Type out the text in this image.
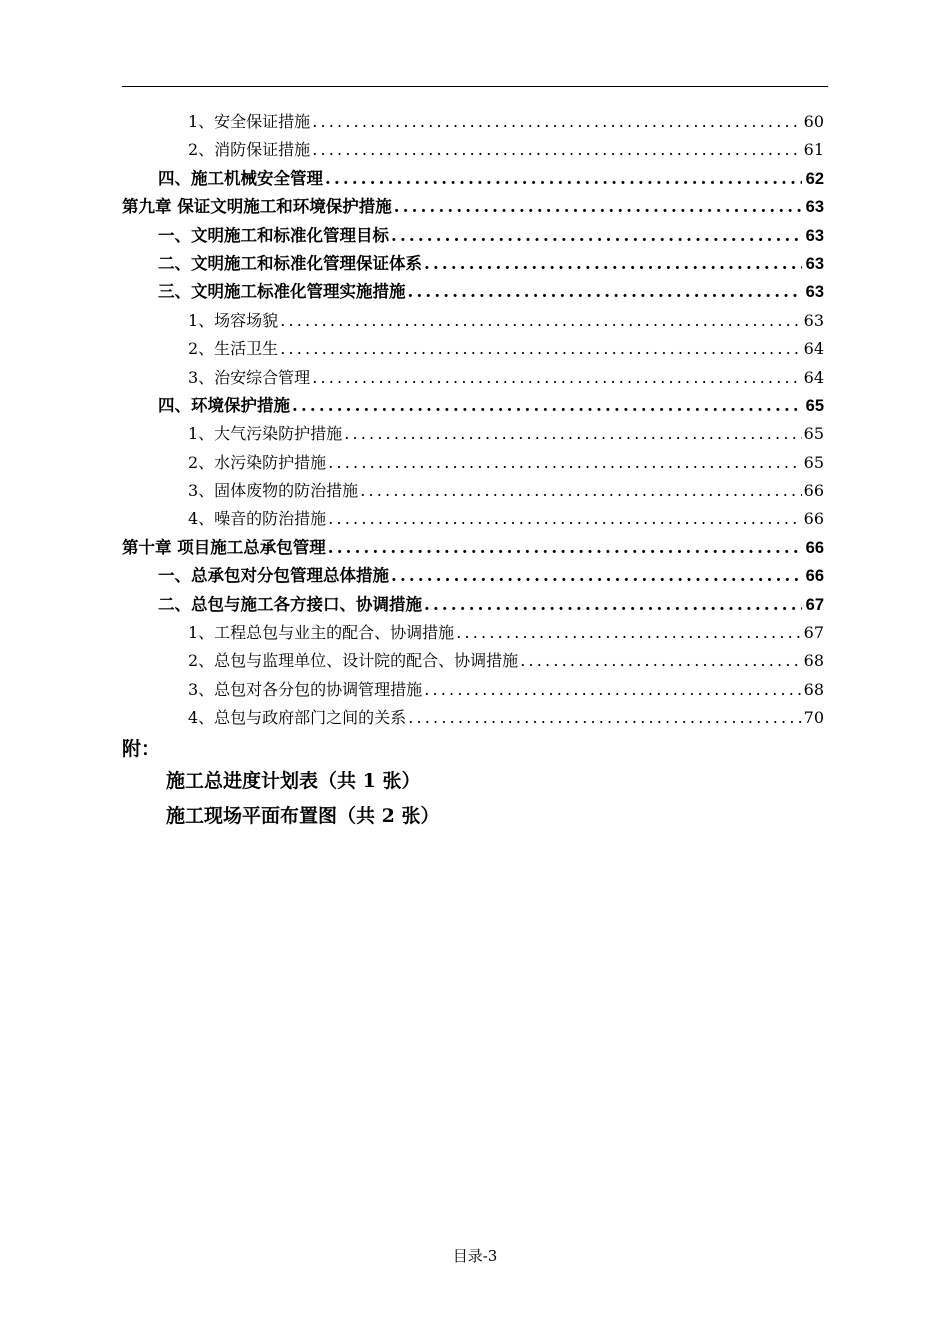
1、安全保证措施 .....	60
2、消防保证措施 .....	61
四、施工机械安全管理 .....	62
第九章 保证文明施工和环境保护措施 .....	63
一、文明施工和标准化管理目标 .....	63
二、文明施工和标准化管理保证体系 .....	63
三、文明施工标准化管理实施措施 .....	63
1、场容场貌 .....	63
2、生活卫生 .....	64
3、治安综合管理 .....	64
四、环境保护措施 .....	65
1、大气污染防护措施 .....	65
2、水污染防护措施 .....	65
3、固体废物的防治措施 .....	66
4、噪音的防治措施 .....	66
第十章 项目施工总承包管理 .....	66
一、总承包对分包管理总体措施 .....	66
二、总包与施工各方接口、协调措施 .....	67
1、工程总包与业主的配合、协调措施 .....	67
2、总包与监理单位、设计院的配合、协调措施 .....	68
3、总包对各分包的协调管理措施 .....	68
4、总包与政府部门之间的关系 .....	70
附：
施工总进度计划表（共 1 张）
施工现场平面布置图（共 2 张）
目录-3
